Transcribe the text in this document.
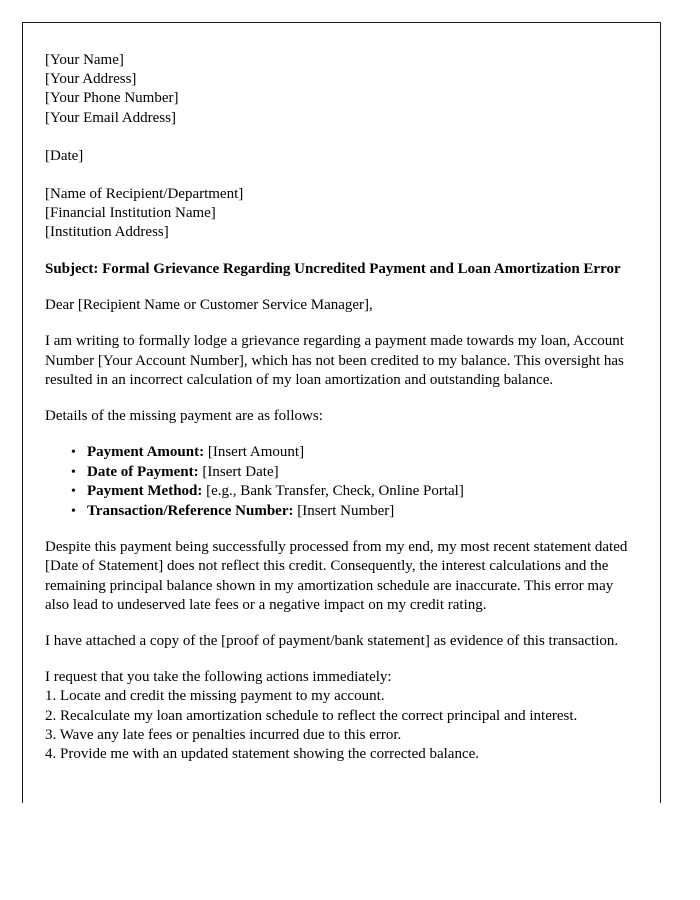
[Your Name]
[Your Address]
[Your Phone Number]
[Your Email Address]
[Date]
[Name of Recipient/Department]
[Financial Institution Name]
[Institution Address]

Subject: Formal Grievance Regarding Uncredited Payment and Loan Amortization Error

Dear [Recipient Name or Customer Service Manager],

I am writing to formally lodge a grievance regarding a payment made towards my loan, Account Number [Your Account Number], which has not been credited to my balance. This oversight has resulted in an incorrect calculation of my loan amortization and outstanding balance.

Details of the missing payment are as follows:

• Payment Amount: [Insert Amount]
• Date of Payment: [Insert Date]
• Payment Method: [e.g., Bank Transfer, Check, Online Portal]
• Transaction/Reference Number: [Insert Number]

Despite this payment being successfully processed from my end, my most recent statement dated [Date of Statement] does not reflect this credit. Consequently, the interest calculations and the remaining principal balance shown in my amortization schedule are inaccurate. This error may also lead to undeserved late fees or a negative impact on my credit rating.

I have attached a copy of the [proof of payment/bank statement] as evidence of this transaction.

I request that you take the following actions immediately:

1. Locate and credit the missing payment to my account.

2. Recalculate my loan amortization schedule to reflect the correct principal and interest.

3. Wave any late fees or penalties incurred due to this error.

4. Provide me with an updated statement showing the corrected balance.
